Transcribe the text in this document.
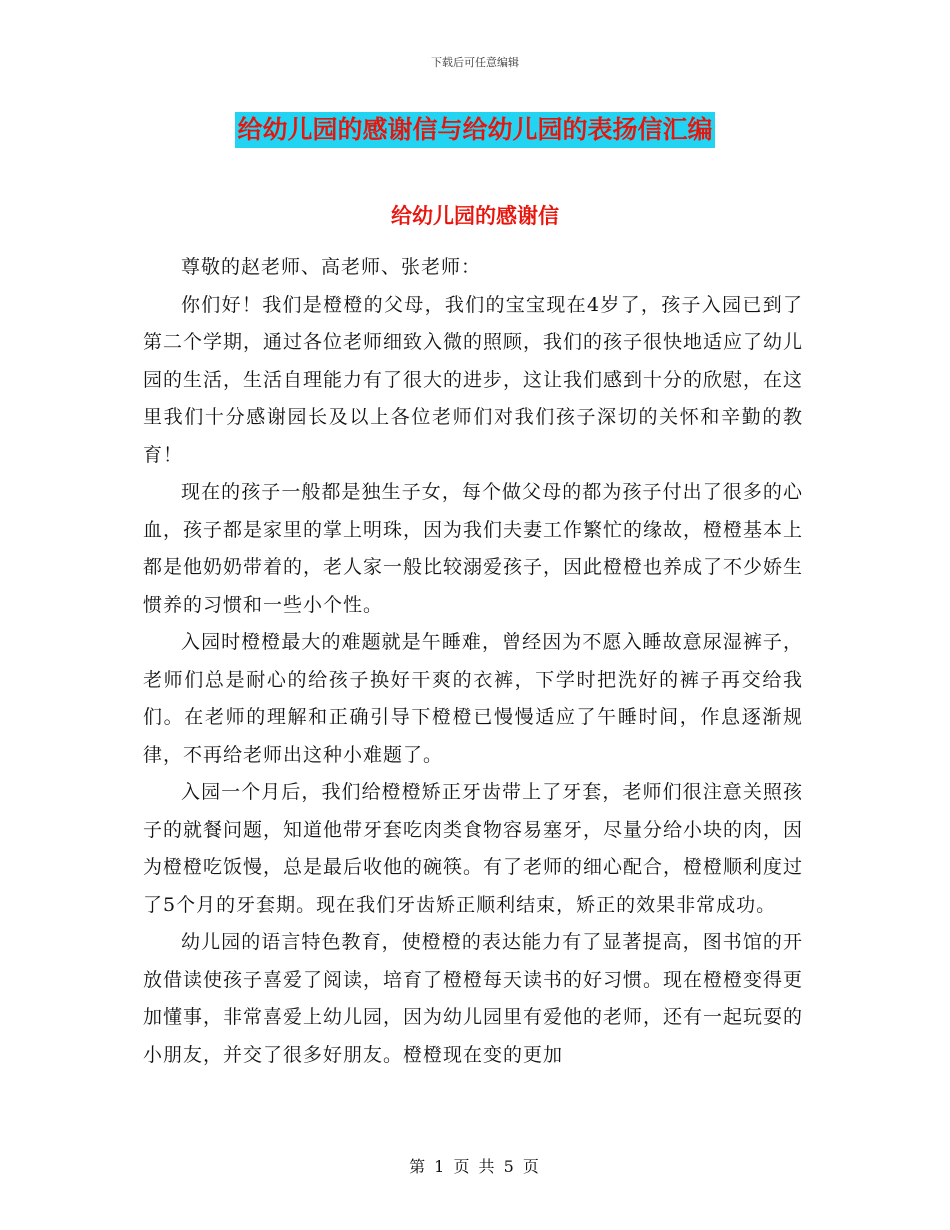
下载后可任意编辑
给幼儿园的感谢信与给幼儿园的表扬信汇编
给幼儿园的感谢信

尊敬的赵老师、高老师、张老师：

你们好！我们是橙橙的父母，我们的宝宝现在4岁了，孩子入园已到了第二个学期，通过各位老师细致入微的照顾，我们的孩子很快地适应了幼儿园的生活，生活自理能力有了很大的进步，这让我们感到十分的欣慰，在这里我们十分感谢园长及以上各位老师们对我们孩子深切的关怀和辛勤的教育！

现在的孩子一般都是独生子女，每个做父母的都为孩子付出了很多的心血，孩子都是家里的掌上明珠，因为我们夫妻工作繁忙的缘故，橙橙基本上都是他奶奶带着的，老人家一般比较溺爱孩子，因此橙橙也养成了不少娇生惯养的习惯和一些小个性。

入园时橙橙最大的难题就是午睡难，曾经因为不愿入睡故意尿湿裤子，老师们总是耐心的给孩子换好干爽的衣裤，下学时把洗好的裤子再交给我们。在老师的理解和正确引导下橙橙已慢慢适应了午睡时间，作息逐渐规律，不再给老师出这种小难题了。

入园一个月后，我们给橙橙矫正牙齿带上了牙套，老师们很注意关照孩子的就餐问题，知道他带牙套吃肉类食物容易塞牙，尽量分给小块的肉，因为橙橙吃饭慢，总是最后收他的碗筷。有了老师的细心配合，橙橙顺利度过了5个月的牙套期。现在我们牙齿矫正顺利结束，矫正的效果非常成功。

幼儿园的语言特色教育，使橙橙的表达能力有了显著提高，图书馆的开放借读使孩子喜爱了阅读，培育了橙橙每天读书的好习惯。现在橙橙变得更加懂事，非常喜爱上幼儿园，因为幼儿园里有爱他的老师，还有一起玩耍的小朋友，并交了很多好朋友。橙橙现在变的更加

第 1 页 共 5 页
